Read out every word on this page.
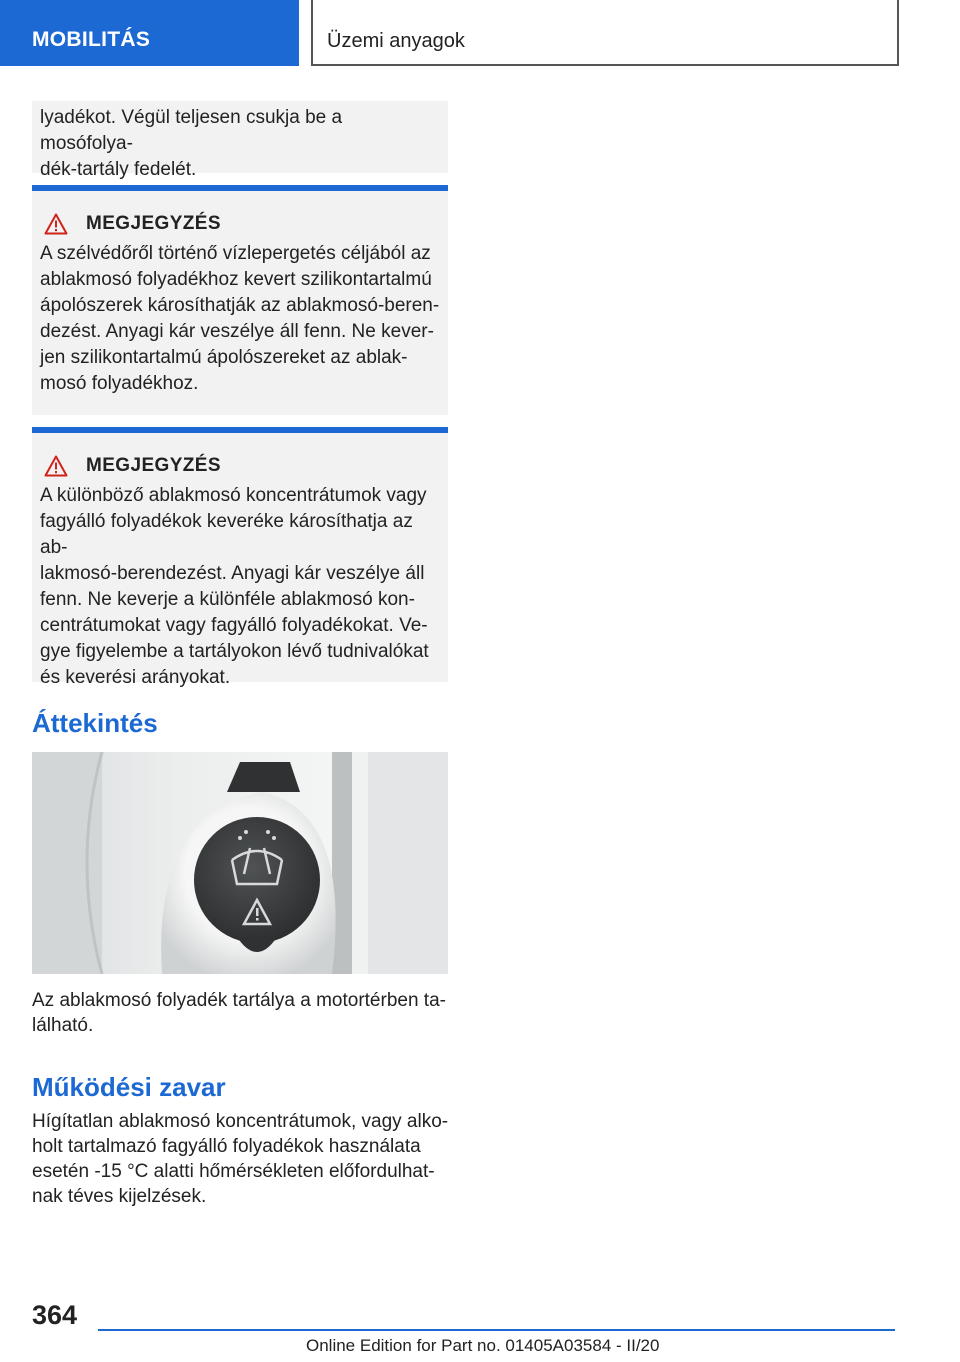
MOBILITÁS	Üzemi anyagok

lyadékot. Végül teljesen csukja be a mosófolya-

dék-tartály fedelét.

MEGJEGYZÉS

A szélvédőről történő vízlepergetés céljából az

ablakmosó folyadékhoz kevert szilikontartalmú

ápolószerek károsíthatják az ablakmosó-beren-

dezést. Anyagi kár veszélye áll fenn. Ne kever-

jen szilikontartalmú ápolószereket az ablak-

mosó folyadékhoz.

MEGJEGYZÉS

A különböző ablakmosó koncentrátumok vagy

fagyálló folyadékok keveréke károsíthatja az ab-

lakmosó-berendezést. Anyagi kár veszélye áll

fenn. Ne keverje a különféle ablakmosó kon-

centrátumokat vagy fagyálló folyadékokat. Ve-

gye figyelembe a tartályokon lévő tudnivalókat

és keverési arányokat.

Áttekintés

Az ablakmosó folyadék tartálya a motortérben ta-
lálható.

Működési zavar

Hígítatlan ablakmosó koncentrátumok, vagy alko-
holt tartalmazó fagyálló folyadékok használata
esetén -15 °C alatti hőmérsékleten előfordulhat-
nak téves kijelzések.

364
Online Edition for Part no. 01405A03584 - II/20
